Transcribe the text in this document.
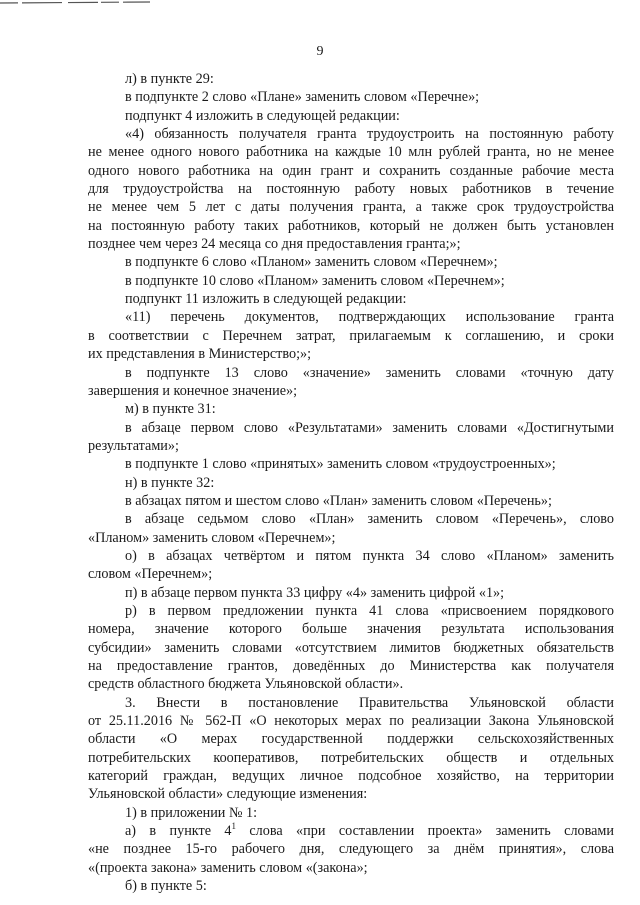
9
л) в пункте 29:
в подпункте 2 слово «Плане» заменить словом «Перечне»;
подпункт 4 изложить в следующей редакции:
«4) обязанность получателя гранта трудоустроить на постоянную работу
не менее одного нового работника на каждые 10 млн рублей гранта, но не менее
одного нового работника на один грант и сохранить созданные рабочие места
для трудоустройства на постоянную работу новых работников в течение
не менее чем 5 лет с даты получения гранта, а также срок трудоустройства
на постоянную работу таких работников, который не должен быть установлен
позднее чем через 24 месяца со дня предоставления гранта;»;
в подпункте 6 слово «Планом» заменить словом «Перечнем»;
в подпункте 10 слово «Планом» заменить словом «Перечнем»;
подпункт 11 изложить в следующей редакции:
«11) перечень документов, подтверждающих использование гранта
в соответствии с Перечнем затрат, прилагаемым к соглашению, и сроки
их представления в Министерство;»;
в подпункте 13 слово «значение» заменить словами «точную дату
завершения и конечное значение»;
м) в пункте 31:
в абзаце первом слово «Результатами» заменить словами «Достигнутыми
результатами»;
в подпункте 1 слово «принятых» заменить словом «трудоустроенных»;
н) в пункте 32:
в абзацах пятом и шестом слово «План» заменить словом «Перечень»;
в абзаце седьмом слово «План» заменить словом «Перечень», слово
«Планом» заменить словом «Перечнем»;
о) в абзацах четвёртом и пятом пункта 34 слово «Планом» заменить
словом «Перечнем»;
п) в абзаце первом пункта 33 цифру «4» заменить цифрой «1»;
р) в первом предложении пункта 41 слова «присвоением порядкового
номера, значение которого больше значения результата использования
субсидии» заменить словами «отсутствием лимитов бюджетных обязательств
на предоставление грантов, доведённых до Министерства как получателя
средств областного бюджета Ульяновской области».
3. Внести в постановление Правительства Ульяновской области
от 25.11.2016 № 562-П «О некоторых мерах по реализации Закона Ульяновской
области «О мерах государственной поддержки сельскохозяйственных
потребительских кооперативов, потребительских обществ и отдельных
категорий граждан, ведущих личное подсобное хозяйство, на территории
Ульяновской области» следующие изменения:
1) в приложении № 1:
а) в пункте $4^1$ слова «при составлении проекта» заменить словами
«не позднее 15-го рабочего дня, следующего за днём принятия», слова
«(проекта закона» заменить словом «(закона»;
б) в пункте 5:
